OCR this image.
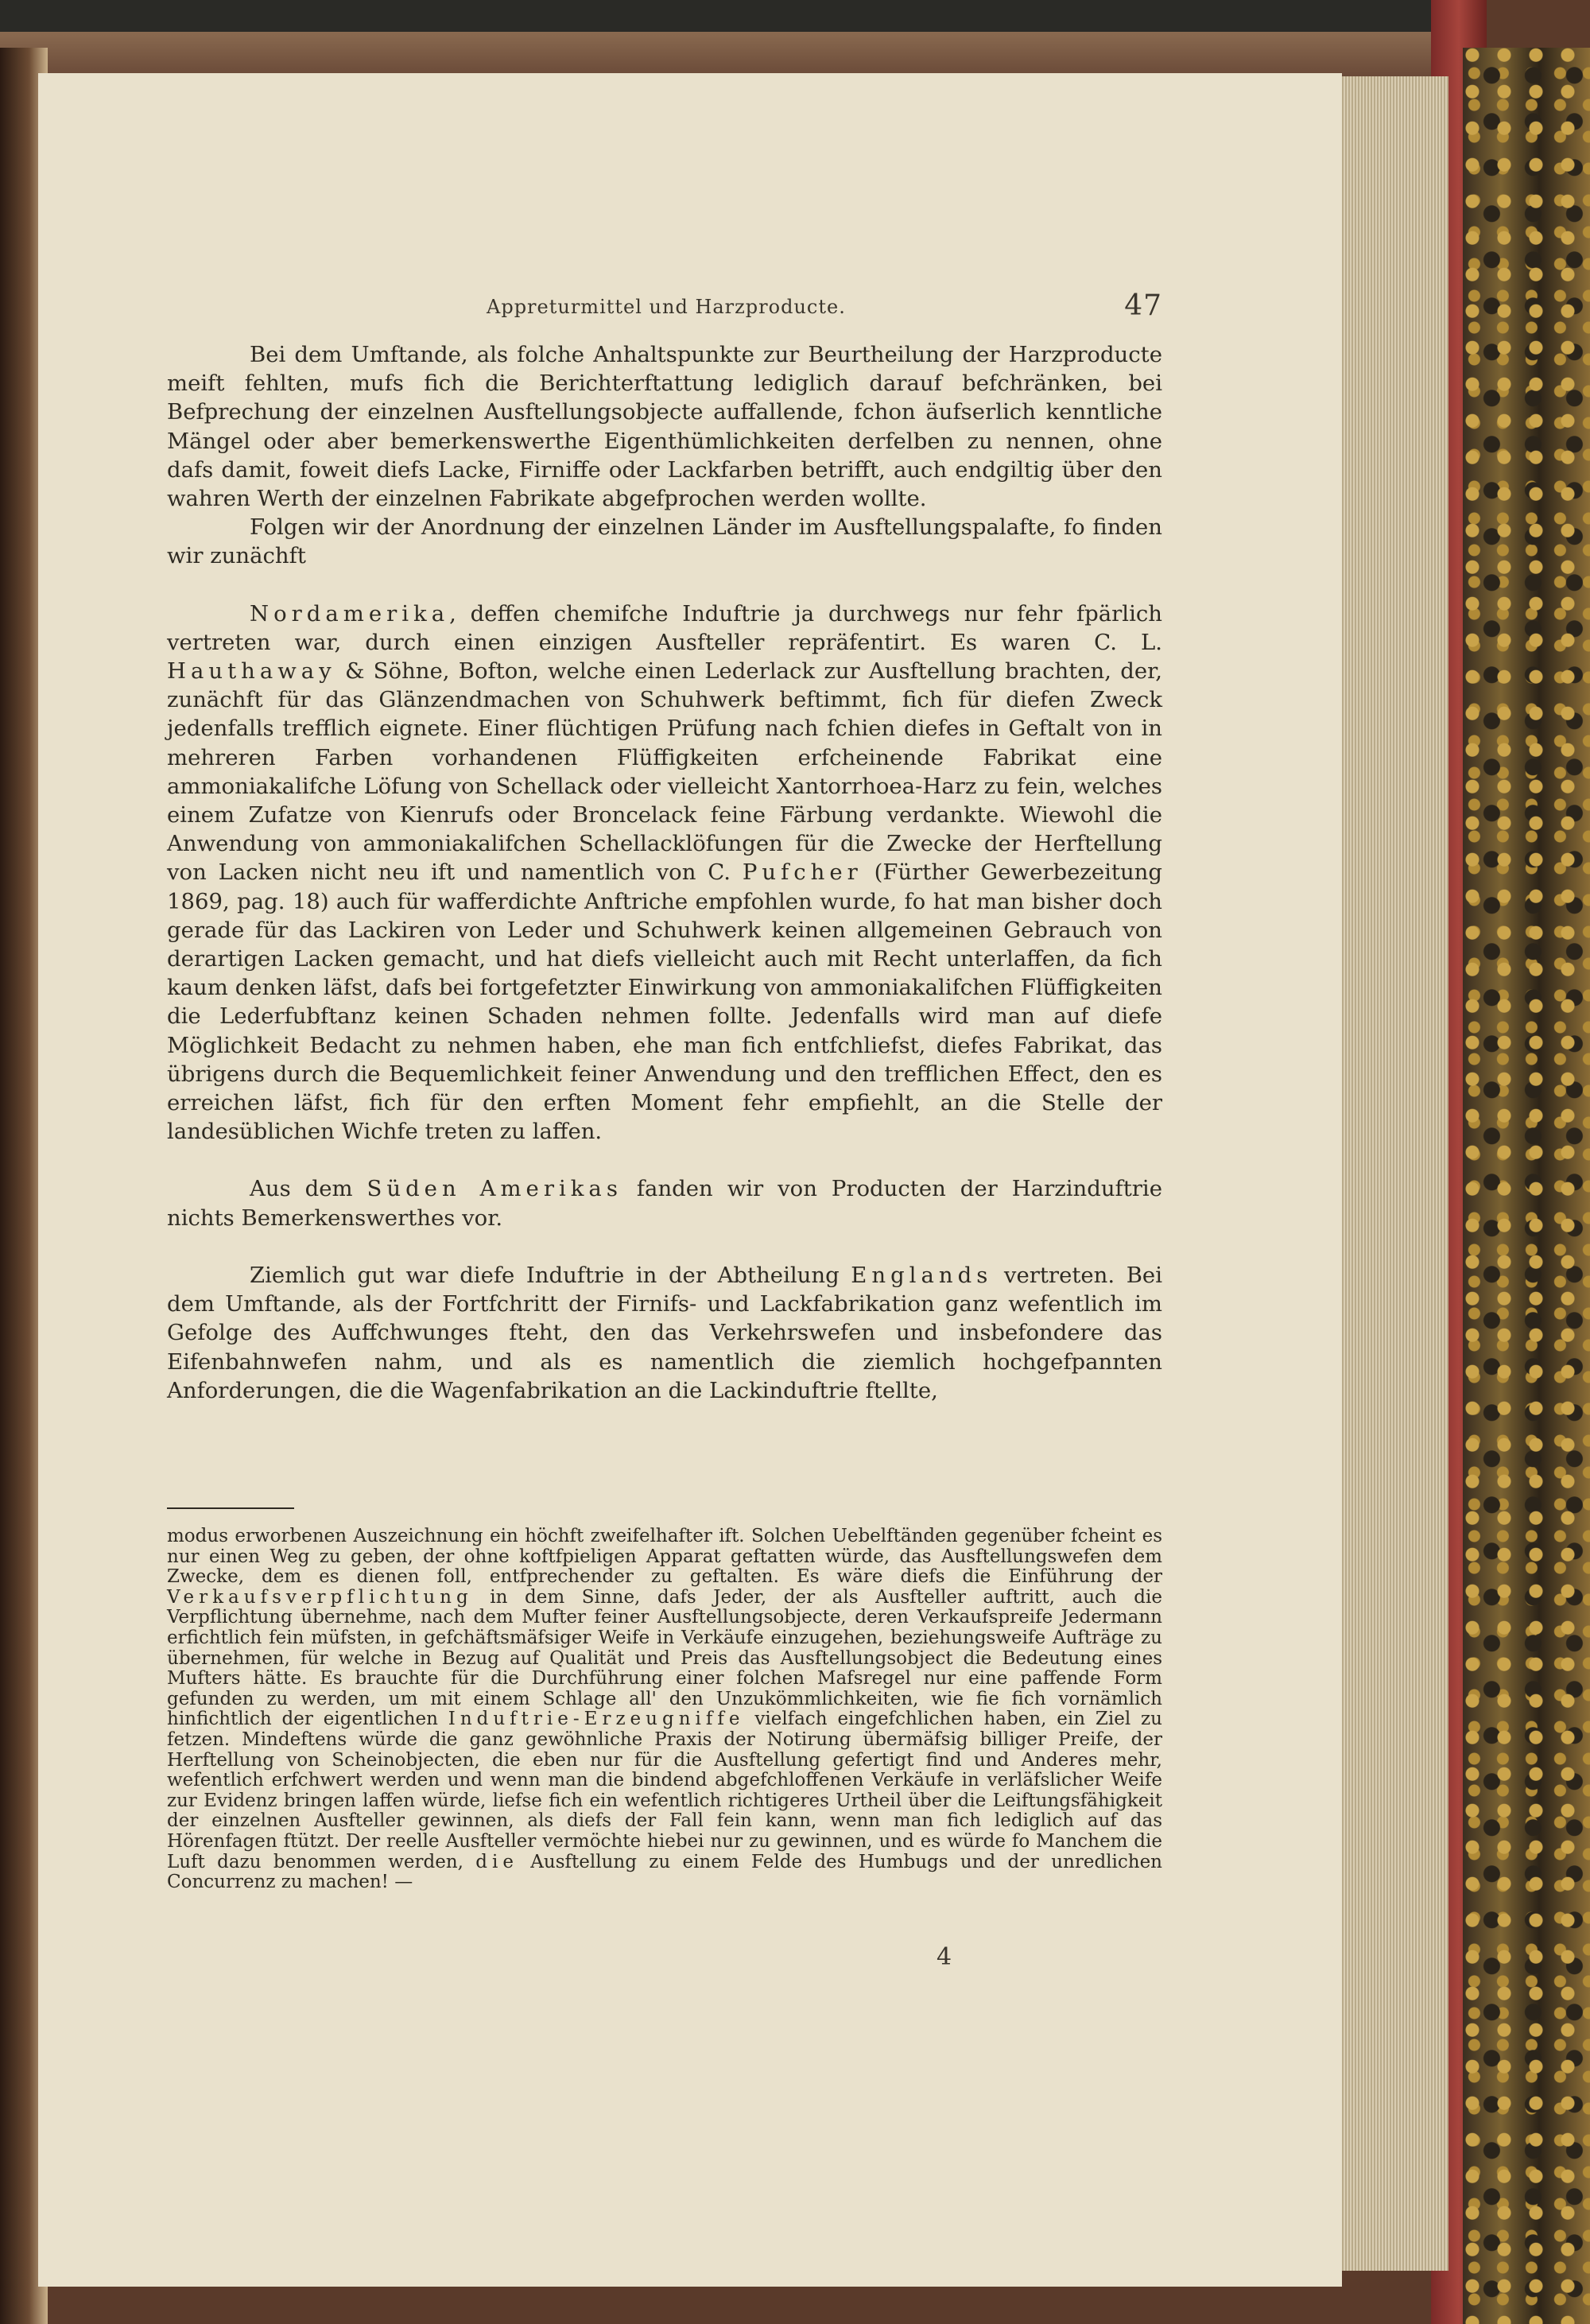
Appreturmittel und Harzproducte.	47

Bei dem Umftande, als folche Anhaltspunkte zur Beurtheilung der Harzproducte meift fehlten, mufs fich die Berichterftattung lediglich darauf befchränken, bei Befprechung der einzelnen Ausftellungsobjecte auffallende, fchon äufserlich kenntliche Mängel oder aber bemerkenswerthe Eigenthümlichkeiten derfelben zu nennen, ohne dafs damit, foweit diefs Lacke, Firniffe oder Lackfarben betrifft, auch endgiltig über den wahren Werth der einzelnen Fabrikate abgefprochen werden wollte.

Folgen wir der Anordnung der einzelnen Länder im Ausftellungspalafte, fo finden wir zunächft

Nordamerika, deffen chemifche Induftrie ja durchwegs nur fehr fpärlich vertreten war, durch einen einzigen Ausfteller repräfentirt. Es waren C. L. Hauthaway & Söhne, Bofton, welche einen Lederlack zur Ausftellung brachten, der, zunächft für das Glänzendmachen von Schuhwerk beftimmt, fich für diefen Zweck jedenfalls trefflich eignete. Einer flüchtigen Prüfung nach fchien diefes in Geftalt von in mehreren Farben vorhandenen Flüffigkeiten erfcheinende Fabrikat eine ammoniakalifche Löfung von Schellack oder vielleicht Xantorrhoea-Harz zu fein, welches einem Zufatze von Kienrufs oder Broncelack feine Färbung verdankte. Wiewohl die Anwendung von ammoniakalifchen Schellacklöfungen für die Zwecke der Herftellung von Lacken nicht neu ift und namentlich von C. Pufcher (Fürther Gewerbezeitung 1869, pag. 18) auch für wafferdichte Anftriche empfohlen wurde, fo hat man bisher doch gerade für das Lackiren von Leder und Schuhwerk keinen allgemeinen Gebrauch von derartigen Lacken gemacht, und hat diefs vielleicht auch mit Recht unterlaffen, da fich kaum denken läfst, dafs bei fortgefetzter Einwirkung von ammoniakalifchen Flüffigkeiten die Lederfubftanz keinen Schaden nehmen follte. Jedenfalls wird man auf diefe Möglichkeit Bedacht zu nehmen haben, ehe man fich entfchliefst, diefes Fabrikat, das übrigens durch die Bequemlichkeit feiner Anwendung und den trefflichen Effect, den es erreichen läfst, fich für den erften Moment fehr empfiehlt, an die Stelle der landesüblichen Wichfe treten zu laffen.

Aus dem Süden Amerikas fanden wir von Producten der Harzinduftrie nichts Bemerkenswerthes vor.

Ziemlich gut war diefe Induftrie in der Abtheilung Englands vertreten. Bei dem Umftande, als der Fortfchritt der Firnifs- und Lackfabrikation ganz wefentlich im Gefolge des Auffchwunges fteht, den das Verkehrswefen und insbefondere das Eifenbahnwefen nahm, und als es namentlich die ziemlich hochgefpannten Anforderungen, die die Wagenfabrikation an die Lackinduftrie ftellte,

modus erworbenen Auszeichnung ein höchft zweifelhafter ift. Solchen Uebelftänden gegenüber fcheint es nur einen Weg zu geben, der ohne koftfpieligen Apparat geftatten würde, das Ausftellungswefen dem Zwecke, dem es dienen foll, entfprechender zu geftalten. Es wäre diefs die Einführung der Verkaufsverpflichtung in dem Sinne, dafs Jeder, der als Ausfteller auftritt, auch die Verpflichtung übernehme, nach dem Mufter feiner Ausftellungsobjecte, deren Verkaufspreife Jedermann erfichtlich fein müfsten, in gefchäftsmäfsiger Weife in Verkäufe einzugehen, beziehungsweife Aufträge zu übernehmen, für welche in Bezug auf Qualität und Preis das Ausftellungsobject die Bedeutung eines Mufters hätte. Es brauchte für die Durchführung einer folchen Mafsregel nur eine paffende Form gefunden zu werden, um mit einem Schlage all' den Unzukömmlichkeiten, wie fie fich vornämlich hinfichtlich der eigentlichen Induftrie-Erzeugniffe vielfach eingefchlichen haben, ein Ziel zu fetzen. Mindeftens würde die ganz gewöhnliche Praxis der Notirung übermäfsig billiger Preife, der Herftellung von Scheinobjecten, die eben nur für die Ausftellung gefertigt find und Anderes mehr, wefentlich erfchwert werden und wenn man die bindend abgefchloffenen Verkäufe in verläfslicher Weife zur Evidenz bringen laffen würde, liefse fich ein wefentlich richtigeres Urtheil über die Leiftungsfähigkeit der einzelnen Ausfteller gewinnen, als diefs der Fall fein kann, wenn man fich lediglich auf das Hörenfagen ftützt. Der reelle Ausfteller vermöchte hiebei nur zu gewinnen, und es würde fo Manchem die Luft dazu benommen werden, die Ausftellung zu einem Felde des Humbugs und der unredlichen Concurrenz zu machen! —

4
